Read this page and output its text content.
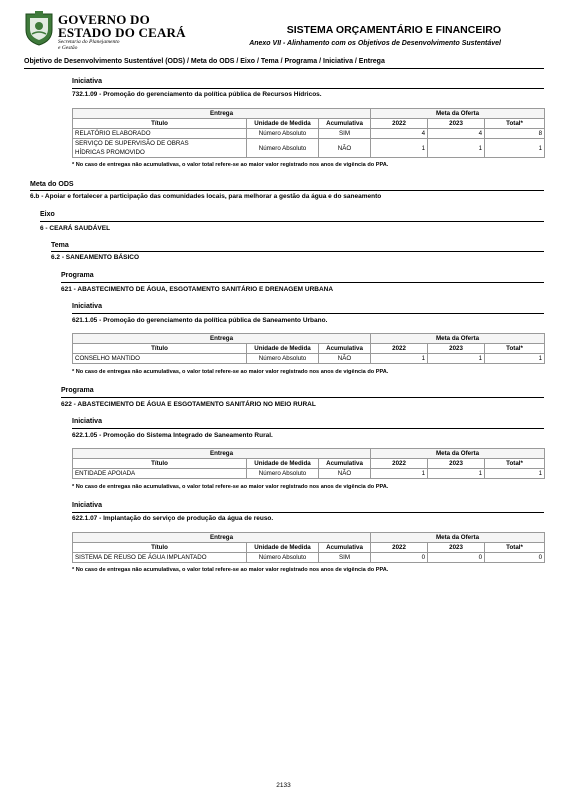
GOVERNO DO
ESTADO DO CEARÁ
Secretaria do Planejamento
e Gestão
SISTEMA ORÇAMENTÁRIO E FINANCEIRO
Anexo VII - Alinhamento com os Objetivos de Desenvolvimento Sustentável
Objetivo de Desenvolvimento Sustentável (ODS) / Meta do ODS / Eixo / Tema / Programa / Iniciativa / Entrega
Iniciativa
732.1.09 - Promoção do gerenciamento da política pública de Recursos Hídricos.
Entrega			Meta da Oferta		
Título	Unidade de Medida	Acumulativa	2022	2023	Total*
RELATÓRIO ELABORADO	Número Absoluto	SIM	4	4	8
SERVIÇO DE SUPERVISÃO DE OBRAS
HÍDRICAS PROMOVIDO	Número Absoluto	NÃO	1	1	1
* No caso de entregas não acumulativas, o valor total refere-se ao maior valor registrado nos anos de vigência do PPA.
Meta do ODS
6.b - Apoiar e fortalecer a participação das comunidades locais, para melhorar a gestão da água e do saneamento
Eixo
6 - CEARÁ SAUDÁVEL
Tema
6.2 - SANEAMENTO BÁSICO
Programa
621 - ABASTECIMENTO DE ÁGUA, ESGOTAMENTO SANITÁRIO E DRENAGEM URBANA
Iniciativa
621.1.05 - Promoção do gerenciamento da política pública de Saneamento Urbano.
Entrega			Meta da Oferta		
Título	Unidade de Medida	Acumulativa	2022	2023	Total*
CONSELHO MANTIDO	Número Absoluto	NÃO	1	1	1
* No caso de entregas não acumulativas, o valor total refere-se ao maior valor registrado nos anos de vigência do PPA.
Programa
622 - ABASTECIMENTO DE ÁGUA E ESGOTAMENTO SANITÁRIO NO MEIO RURAL
Iniciativa
622.1.05 - Promoção do Sistema Integrado de Saneamento Rural.
Entrega			Meta da Oferta		
Título	Unidade de Medida	Acumulativa	2022	2023	Total*
ENTIDADE APOIADA	Número Absoluto	NÃO	1	1	1
* No caso de entregas não acumulativas, o valor total refere-se ao maior valor registrado nos anos de vigência do PPA.
Iniciativa
622.1.07 - Implantação do serviço de produção da água de reuso.
Entrega			Meta da Oferta		
Título	Unidade de Medida	Acumulativa	2022	2023	Total*
SISTEMA DE REUSO DE ÁGUA IMPLANTADO	Número Absoluto	SIM	0	0	0
* No caso de entregas não acumulativas, o valor total refere-se ao maior valor registrado nos anos de vigência do PPA.
2133
